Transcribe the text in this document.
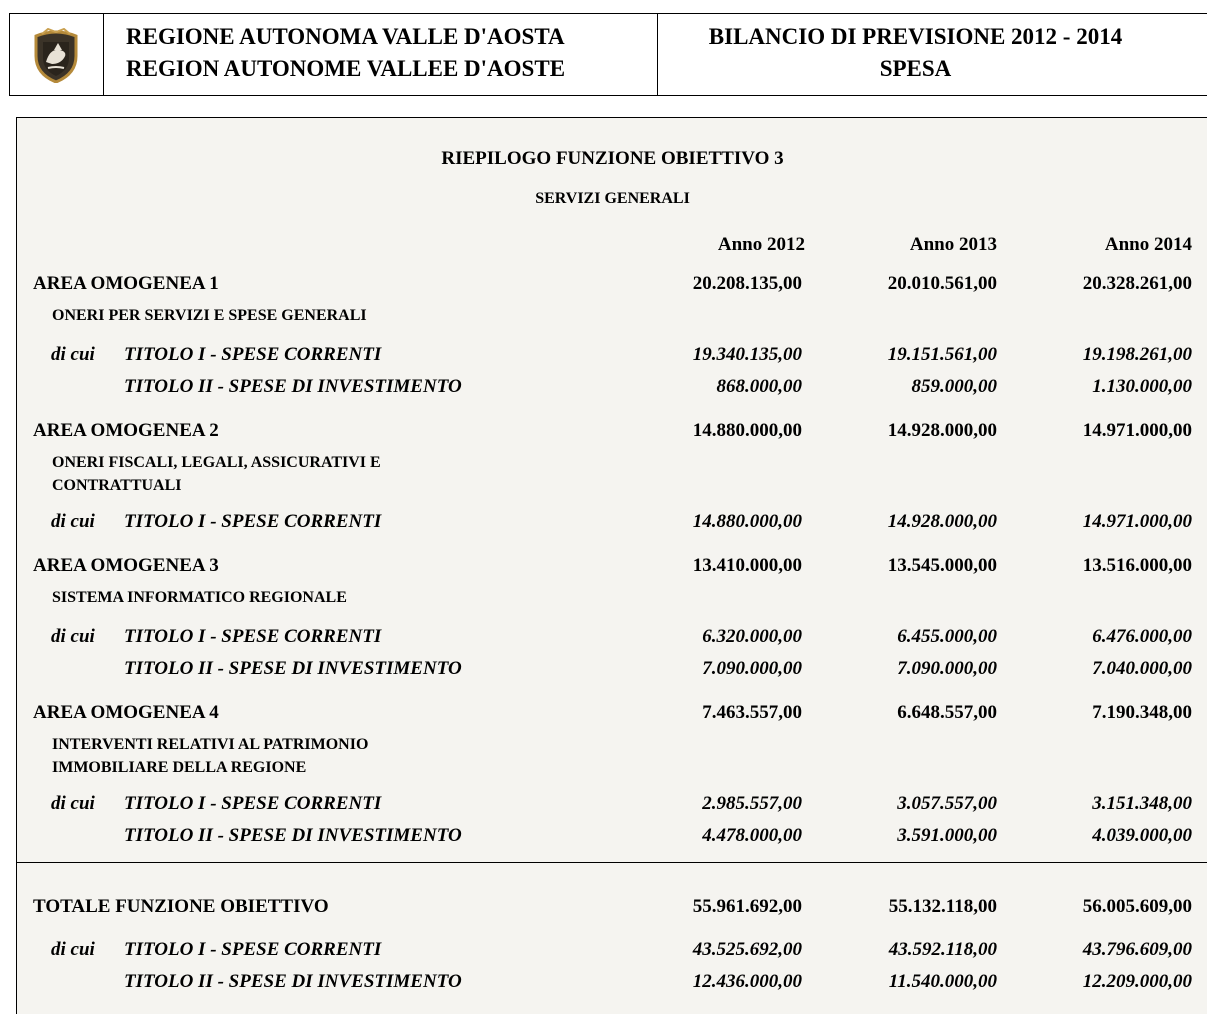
REGIONE AUTONOMA VALLE D'AOSTA
REGION AUTONOME VALLEE D'AOSTE
BILANCIO DI PREVISIONE 2012 - 2014
SPESA
RIEPILOGO FUNZIONE OBIETTIVO 3
SERVIZI GENERALI
Anno 2012	Anno 2013	Anno 2014
AREA OMOGENEA 1	20.208.135,00	20.010.561,00	20.328.261,00
ONERI PER SERVIZI E SPESE GENERALI
di cui TITOLO I - SPESE CORRENTI	19.340.135,00	19.151.561,00	19.198.261,00
TITOLO II - SPESE DI INVESTIMENTO	868.000,00	859.000,00	1.130.000,00
AREA OMOGENEA 2	14.880.000,00	14.928.000,00	14.971.000,00
ONERI FISCALI, LEGALI, ASSICURATIVI E
CONTRATTUALI
di cui TITOLO I - SPESE CORRENTI	14.880.000,00	14.928.000,00	14.971.000,00
AREA OMOGENEA 3	13.410.000,00	13.545.000,00	13.516.000,00
SISTEMA INFORMATICO REGIONALE
di cui TITOLO I - SPESE CORRENTI	6.320.000,00	6.455.000,00	6.476.000,00
TITOLO II - SPESE DI INVESTIMENTO	7.090.000,00	7.090.000,00	7.040.000,00
AREA OMOGENEA 4	7.463.557,00	6.648.557,00	7.190.348,00
INTERVENTI RELATIVI AL PATRIMONIO
IMMOBILIARE DELLA REGIONE
di cui TITOLO I - SPESE CORRENTI	2.985.557,00	3.057.557,00	3.151.348,00
TITOLO II - SPESE DI INVESTIMENTO	4.478.000,00	3.591.000,00	4.039.000,00
TOTALE FUNZIONE OBIETTIVO	55.961.692,00	55.132.118,00	56.005.609,00
di cui TITOLO I - SPESE CORRENTI	43.525.692,00	43.592.118,00	43.796.609,00
TITOLO II - SPESE DI INVESTIMENTO	12.436.000,00	11.540.000,00	12.209.000,00
